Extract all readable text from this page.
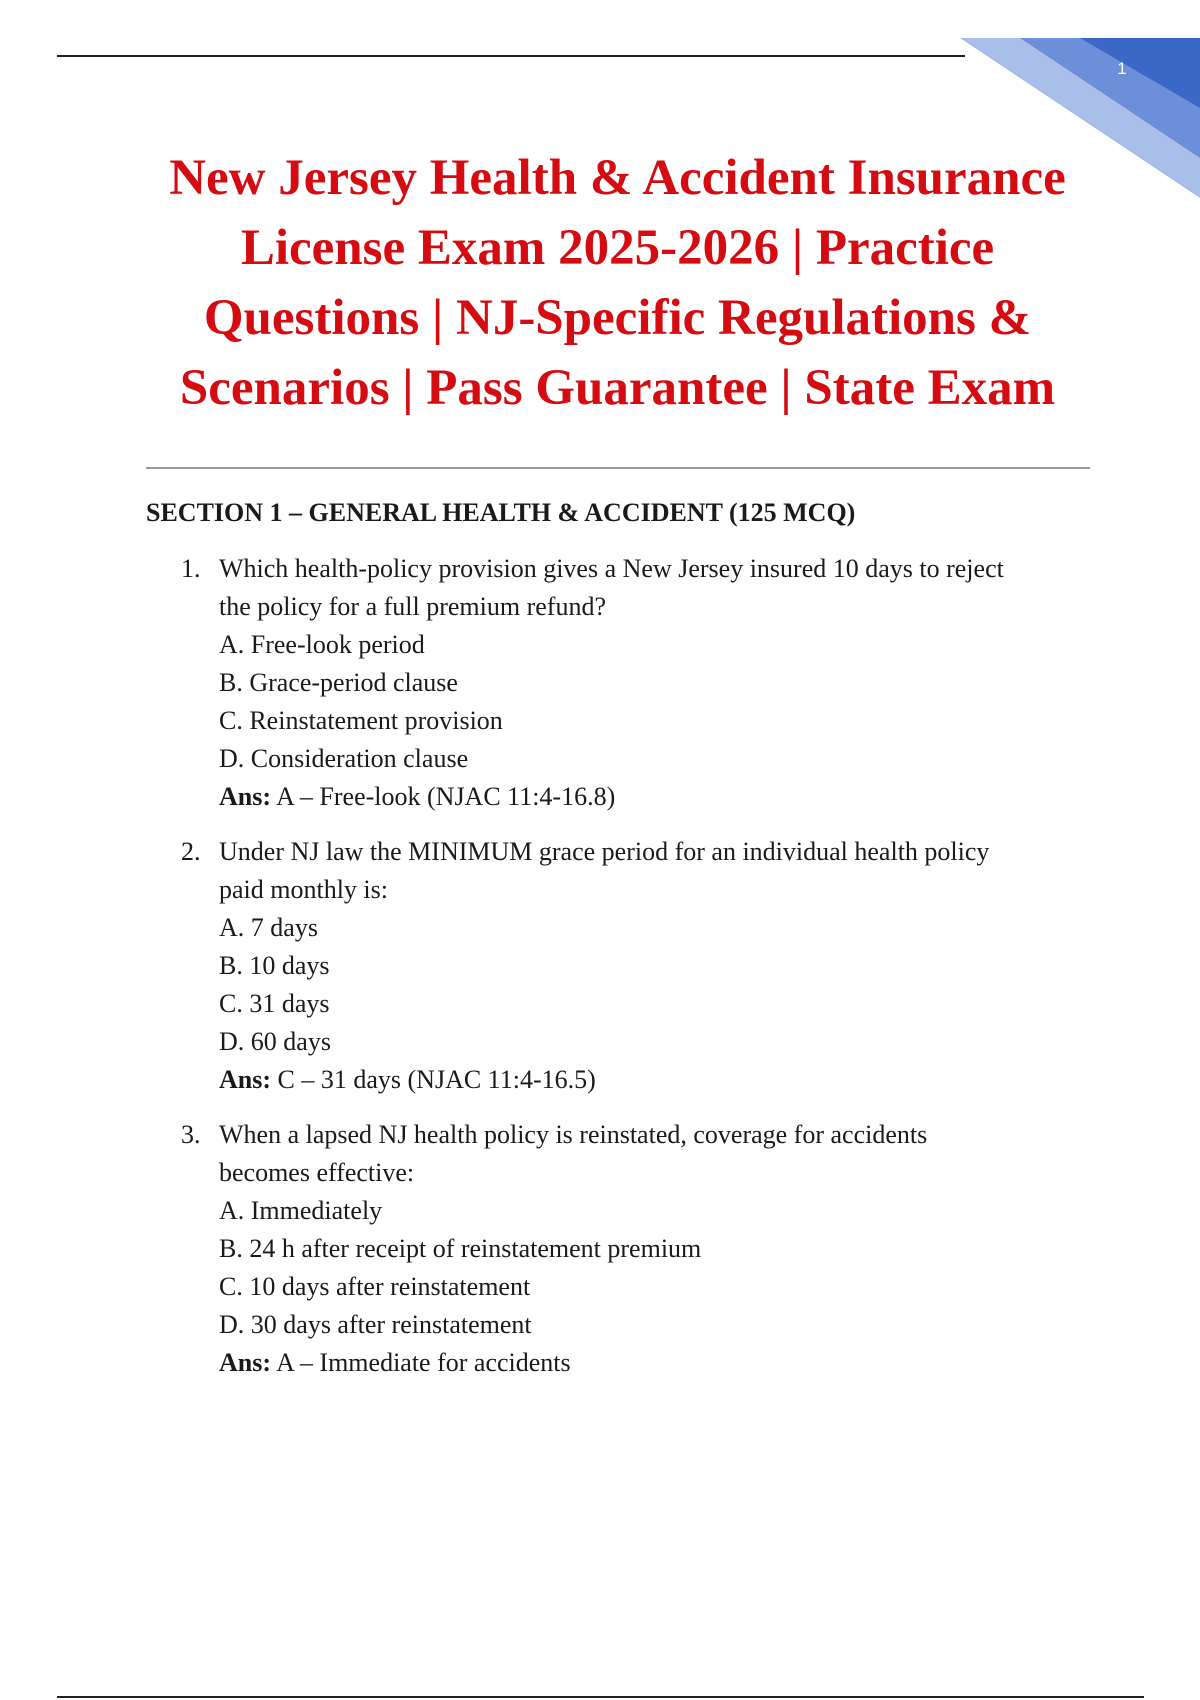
1
New Jersey Health & Accident Insurance
License Exam 2025-2026 | Practice
Questions | NJ-Specific Regulations &
Scenarios | Pass Guarantee | State Exam
SECTION 1 – GENERAL HEALTH & ACCIDENT (125 MCQ)
1. Which health-policy provision gives a New Jersey insured 10 days to reject
the policy for a full premium refund?
A. Free-look period
B. Grace-period clause
C. Reinstatement provision
D. Consideration clause
Ans: A – Free-look (NJAC 11:4-16.8)
2. Under NJ law the MINIMUM grace period for an individual health policy
paid monthly is:
A. 7 days
B. 10 days
C. 31 days
D. 60 days
Ans: C – 31 days (NJAC 11:4-16.5)
3. When a lapsed NJ health policy is reinstated, coverage for accidents
becomes effective:
A. Immediately
B. 24 h after receipt of reinstatement premium
C. 10 days after reinstatement
D. 30 days after reinstatement
Ans: A – Immediate for accidents
